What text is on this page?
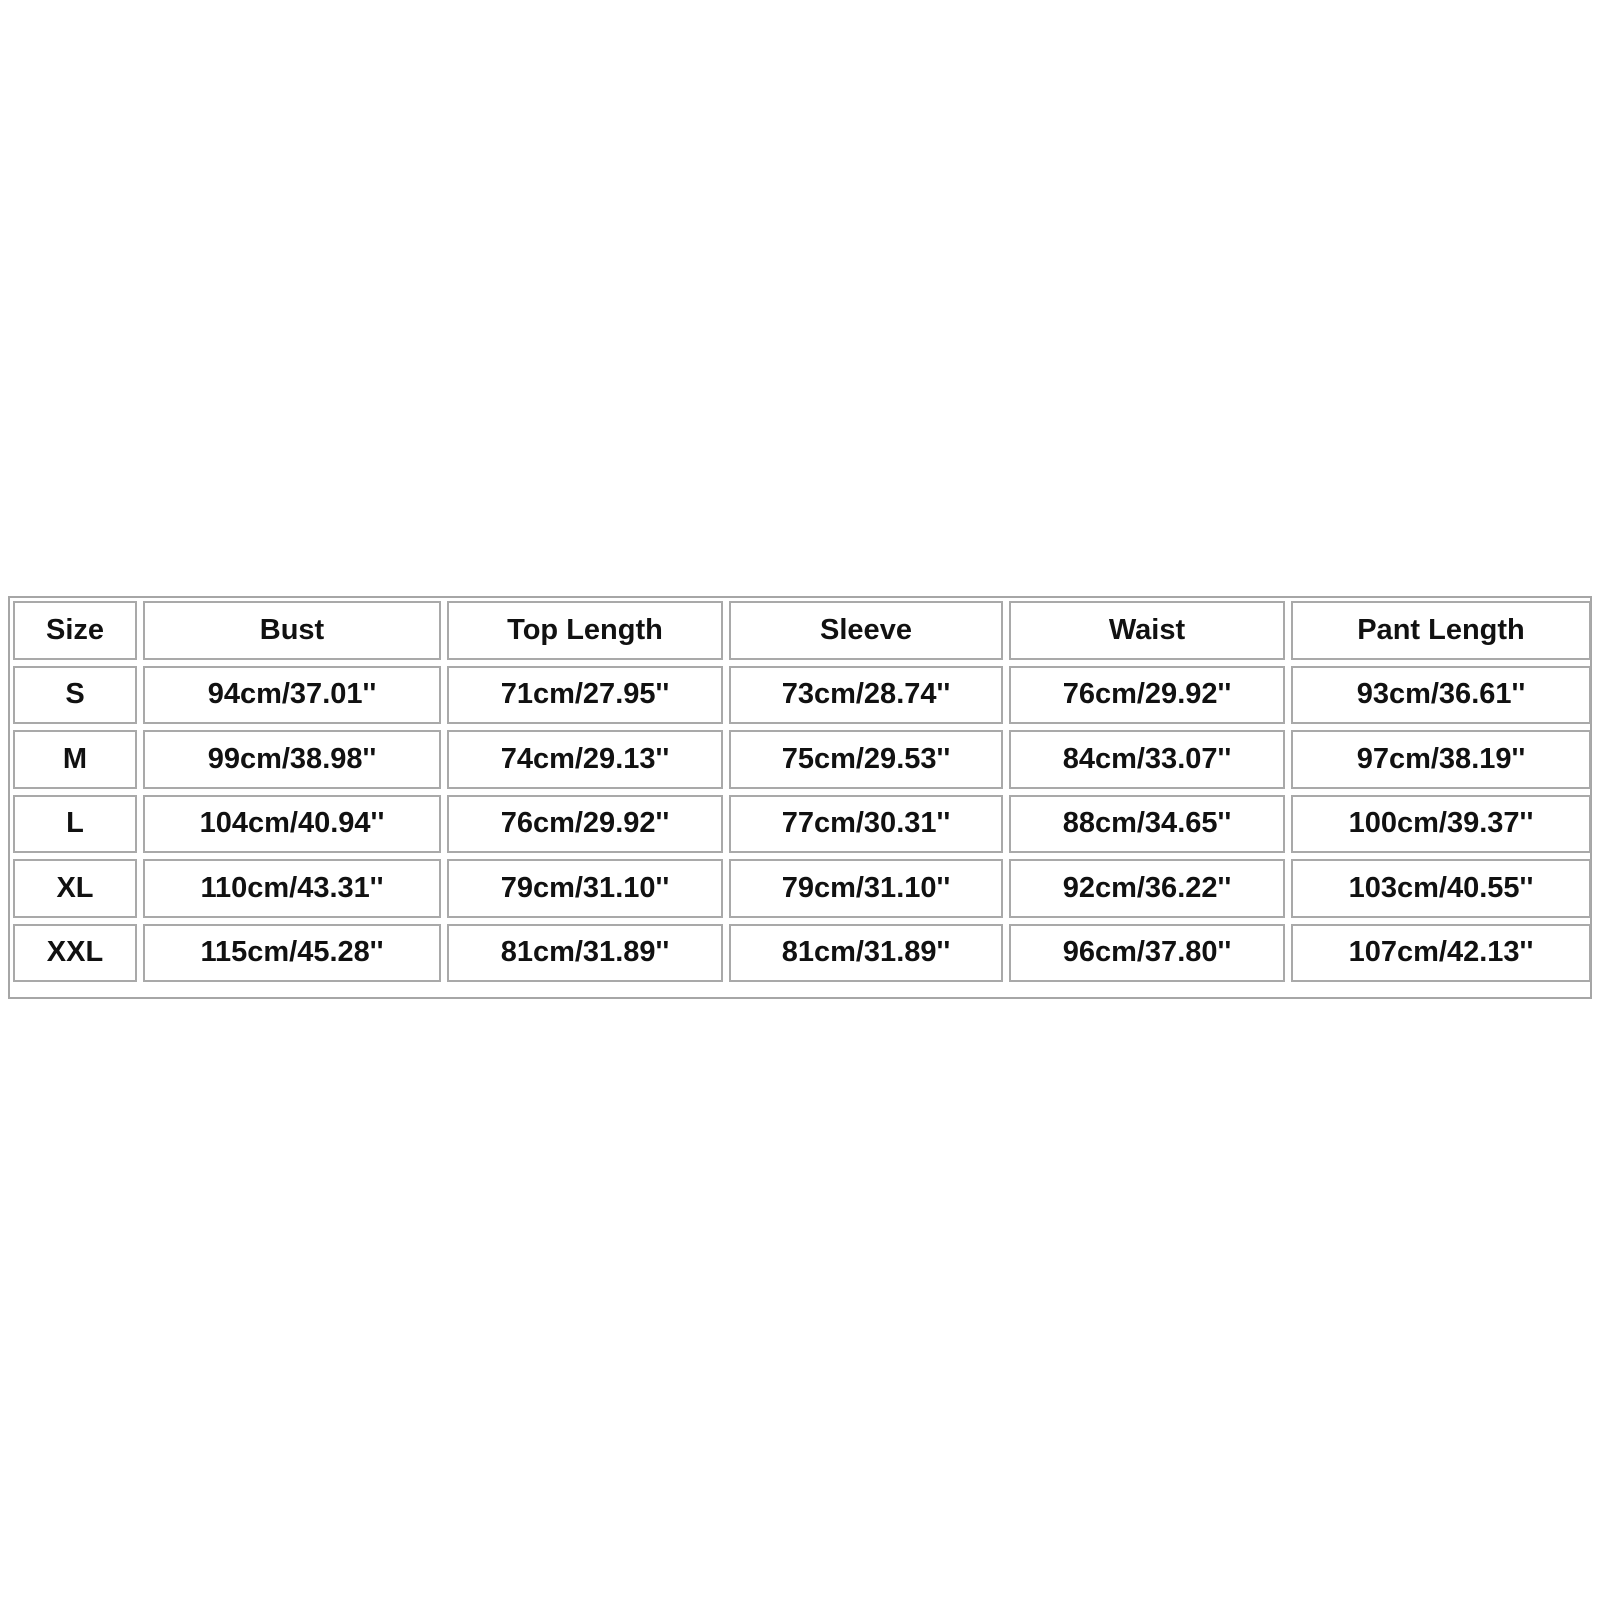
Size	Bust	Top Length	Sleeve	Waist	Pant Length
S	94cm/37.01''	71cm/27.95''	73cm/28.74''	76cm/29.92''	93cm/36.61''
M	99cm/38.98''	74cm/29.13''	75cm/29.53''	84cm/33.07''	97cm/38.19''
L	104cm/40.94''	76cm/29.92''	77cm/30.31''	88cm/34.65''	100cm/39.37''
XL	110cm/43.31''	79cm/31.10''	79cm/31.10''	92cm/36.22''	103cm/40.55''
XXL	115cm/45.28''	81cm/31.89''	81cm/31.89''	96cm/37.80''	107cm/42.13''
